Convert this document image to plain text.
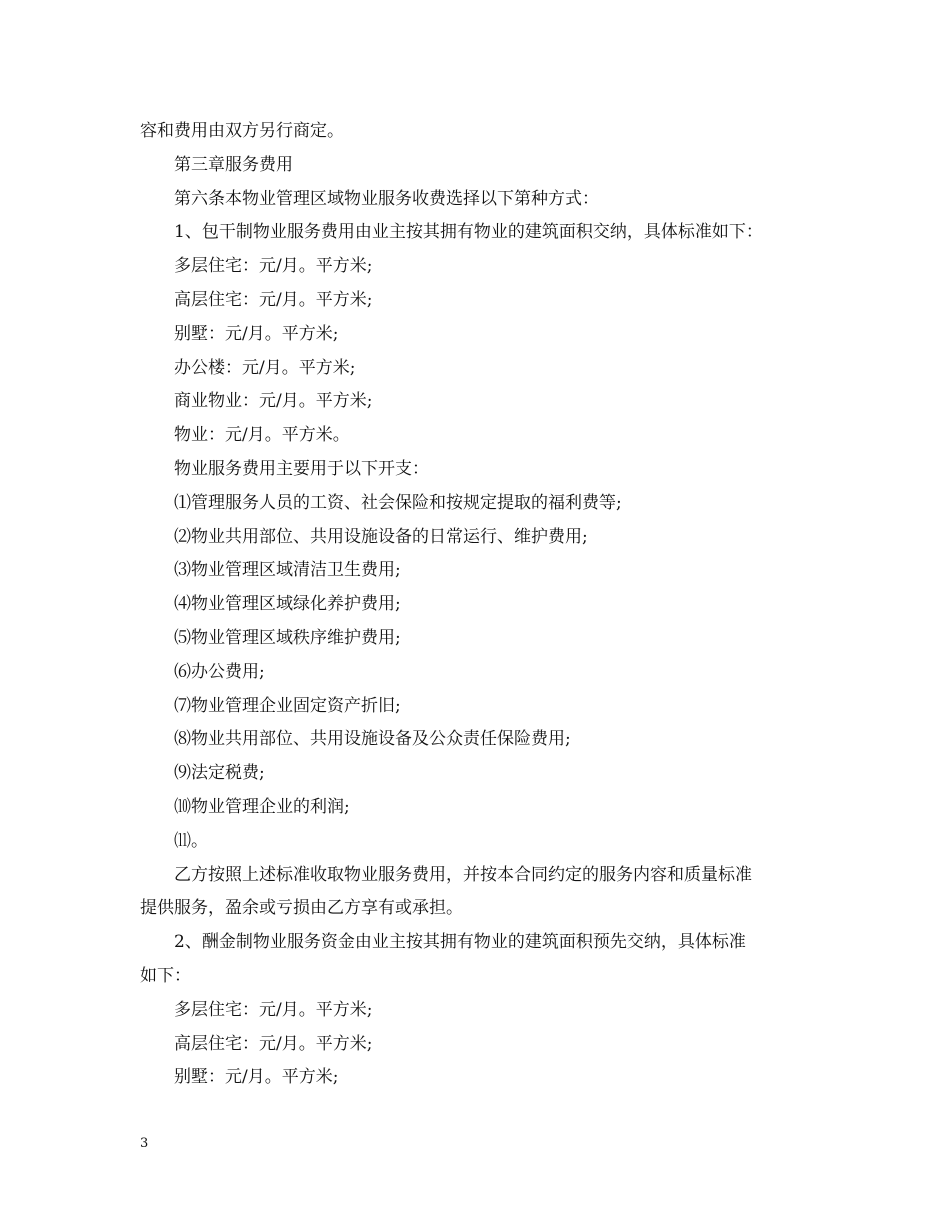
容和费用由双方另行商定。
第三章服务费用
第六条本物业管理区域物业服务收费选择以下第种方式：
1、包干制物业服务费用由业主按其拥有物业的建筑面积交纳，具体标准如下：
多层住宅：元/月。平方米;
高层住宅：元/月。平方米;
别墅：元/月。平方米;
办公楼：元/月。平方米;
商业物业：元/月。平方米;
物业：元/月。平方米。
物业服务费用主要用于以下开支：
⑴管理服务人员的工资、社会保险和按规定提取的福利费等;
⑵物业共用部位、共用设施设备的日常运行、维护费用;
⑶物业管理区域清洁卫生费用;
⑷物业管理区域绿化养护费用;
⑸物业管理区域秩序维护费用;
⑹办公费用;
⑺物业管理企业固定资产折旧;
⑻物业共用部位、共用设施设备及公众责任保险费用;
⑼法定税费;
⑽物业管理企业的利润;
⑾。
乙方按照上述标准收取物业服务费用，并按本合同约定的服务内容和质量标准
提供服务，盈余或亏损由乙方享有或承担。
2、酬金制物业服务资金由业主按其拥有物业的建筑面积预先交纳，具体标准
如下：
多层住宅：元/月。平方米;
高层住宅：元/月。平方米;
别墅：元/月。平方米;
3
